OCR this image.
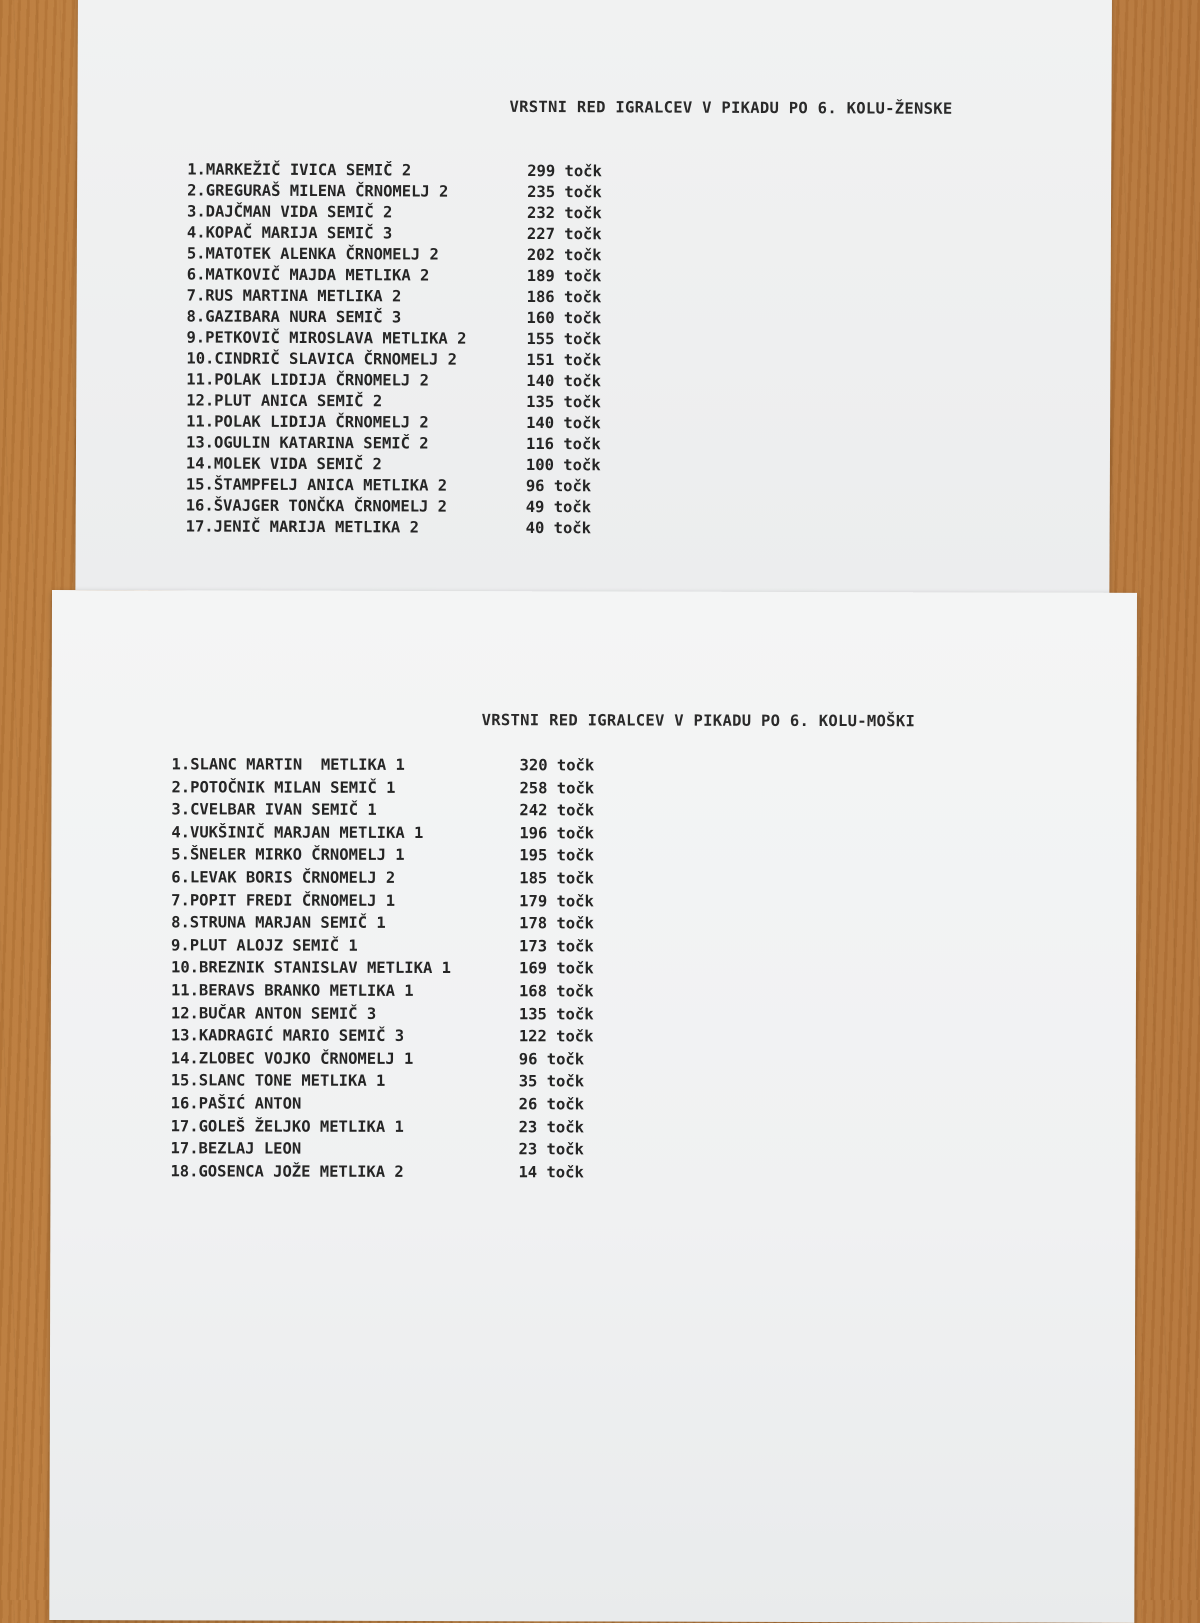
VRSTNI RED IGRALCEV V PIKADU PO 6. KOLU-ŽENSKE
1.MARKEŽIČ IVICA SEMIČ 2	299 točk
2.GREGURAŠ MILENA ČRNOMELJ 2	235 točk
3.DAJČMAN VIDA SEMIČ 2	232 točk
4.KOPAČ MARIJA SEMIČ 3	227 točk
5.MATOTEK ALENKA ČRNOMELJ 2	202 točk
6.MATKOVIČ MAJDA METLIKA 2	189 točk
7.RUS MARTINA METLIKA 2	186 točk
8.GAZIBARA NURA SEMIČ 3	160 točk
9.PETKOVIČ MIROSLAVA METLIKA 2	155 točk
10.CINDRIČ SLAVICA ČRNOMELJ 2	151 točk
11.POLAK LIDIJA ČRNOMELJ 2	140 točk
12.PLUT ANICA SEMIČ 2	135 točk
11.POLAK LIDIJA ČRNOMELJ 2	140 točk
13.OGULIN KATARINA SEMIČ 2	116 točk
14.MOLEK VIDA SEMIČ 2	100 točk
15.ŠTAMPFELJ ANICA METLIKA 2	96 točk
16.ŠVAJGER TONČKA ČRNOMELJ 2	49 točk
17.JENIČ MARIJA METLIKA 2	40 točk
VRSTNI RED IGRALCEV V PIKADU PO 6. KOLU-MOŠKI
1.SLANC MARTIN  METLIKA 1	320 točk
2.POTOČNIK MILAN SEMIČ 1	258 točk
3.CVELBAR IVAN SEMIČ 1	242 točk
4.VUKŠINIČ MARJAN METLIKA 1	196 točk
5.ŠNELER MIRKO ČRNOMELJ 1	195 točk
6.LEVAK BORIS ČRNOMELJ 2	185 točk
7.POPIT FREDI ČRNOMELJ 1	179 točk
8.STRUNA MARJAN SEMIČ 1	178 točk
9.PLUT ALOJZ SEMIČ 1	173 točk
10.BREZNIK STANISLAV METLIKA 1	169 točk
11.BERAVS BRANKO METLIKA 1	168 točk
12.BUČAR ANTON SEMIČ 3	135 točk
13.KADRAGIĆ MARIO SEMIČ 3	122 točk
14.ZLOBEC VOJKO ČRNOMELJ 1	96 točk
15.SLANC TONE METLIKA 1	35 točk
16.PAŠIĆ ANTON	26 točk
17.GOLEŠ ŽELJKO METLIKA 1	23 točk
17.BEZLAJ LEON	23 točk
18.GOSENCA JOŽE METLIKA 2	14 točk
